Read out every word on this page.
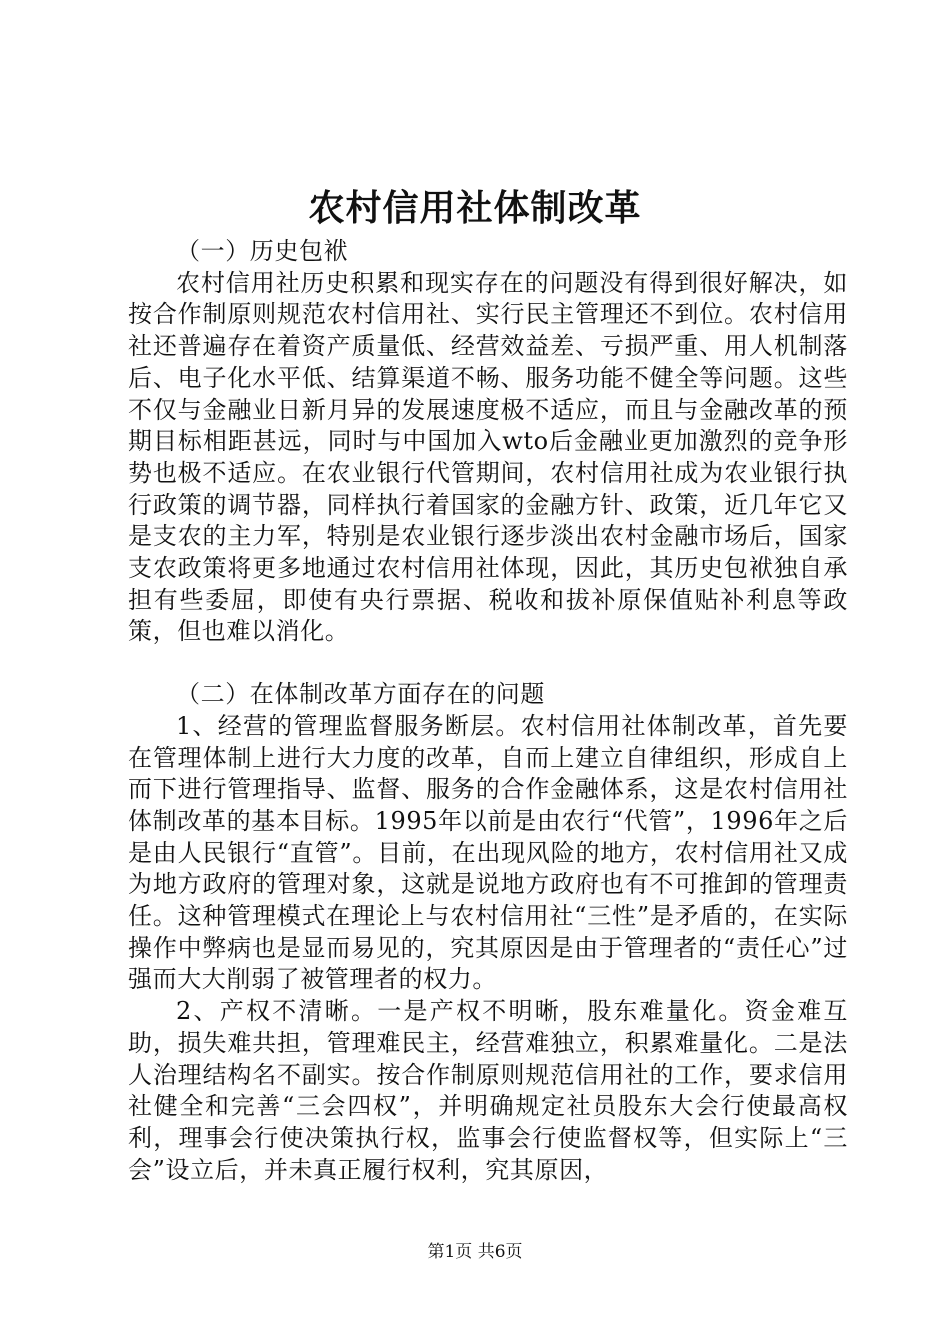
农村信用社体制改革

（一）历史包袱

农村信用社历史积累和现实存在的问题没有得到很好解决，如按合作制原则规范农村信用社、实行民主管理还不到位。农村信用社还普遍存在着资产质量低、经营效益差、亏损严重、用人机制落后、电子化水平低、结算渠道不畅、服务功能不健全等问题。这些不仅与金融业日新月异的发展速度极不适应，而且与金融改革的预期目标相距甚远，同时与中国加入wto后金融业更加激烈的竞争形势也极不适应。在农业银行代管期间，农村信用社成为农业银行执行政策的调节器，同样执行着国家的金融方针、政策，近几年它又是支农的主力军，特别是农业银行逐步淡出农村金融市场后，国家支农政策将更多地通过农村信用社体现，因此，其历史包袱独自承担有些委屈，即使有央行票据、税收和拔补原保值贴补利息等政策，但也难以消化。

（二）在体制改革方面存在的问题

1、经营的管理监督服务断层。农村信用社体制改革，首先要在管理体制上进行大力度的改革，自而上建立自律组织，形成自上而下进行管理指导、监督、服务的合作金融体系，这是农村信用社体制改革的基本目标。1995年以前是由农行“代管”，1996年之后是由人民银行“直管”。目前，在出现风险的地方，农村信用社又成为地方政府的管理对象，这就是说地方政府也有不可推卸的管理责任。这种管理模式在理论上与农村信用社“三性”是矛盾的，在实际操作中弊病也是显而易见的，究其原因是由于管理者的“责任心”过强而大大削弱了被管理者的权力。

2、产权不清晰。一是产权不明晰，股东难量化。资金难互助，损失难共担，管理难民主，经营难独立，积累难量化。二是法人治理结构名不副实。按合作制原则规范信用社的工作，要求信用社健全和完善“三会四权”，并明确规定社员股东大会行使最高权利，理事会行使决策执行权，监事会行使监督权等，但实际上“三会”设立后，并未真正履行权利，究其原因，

第1页 共6页
